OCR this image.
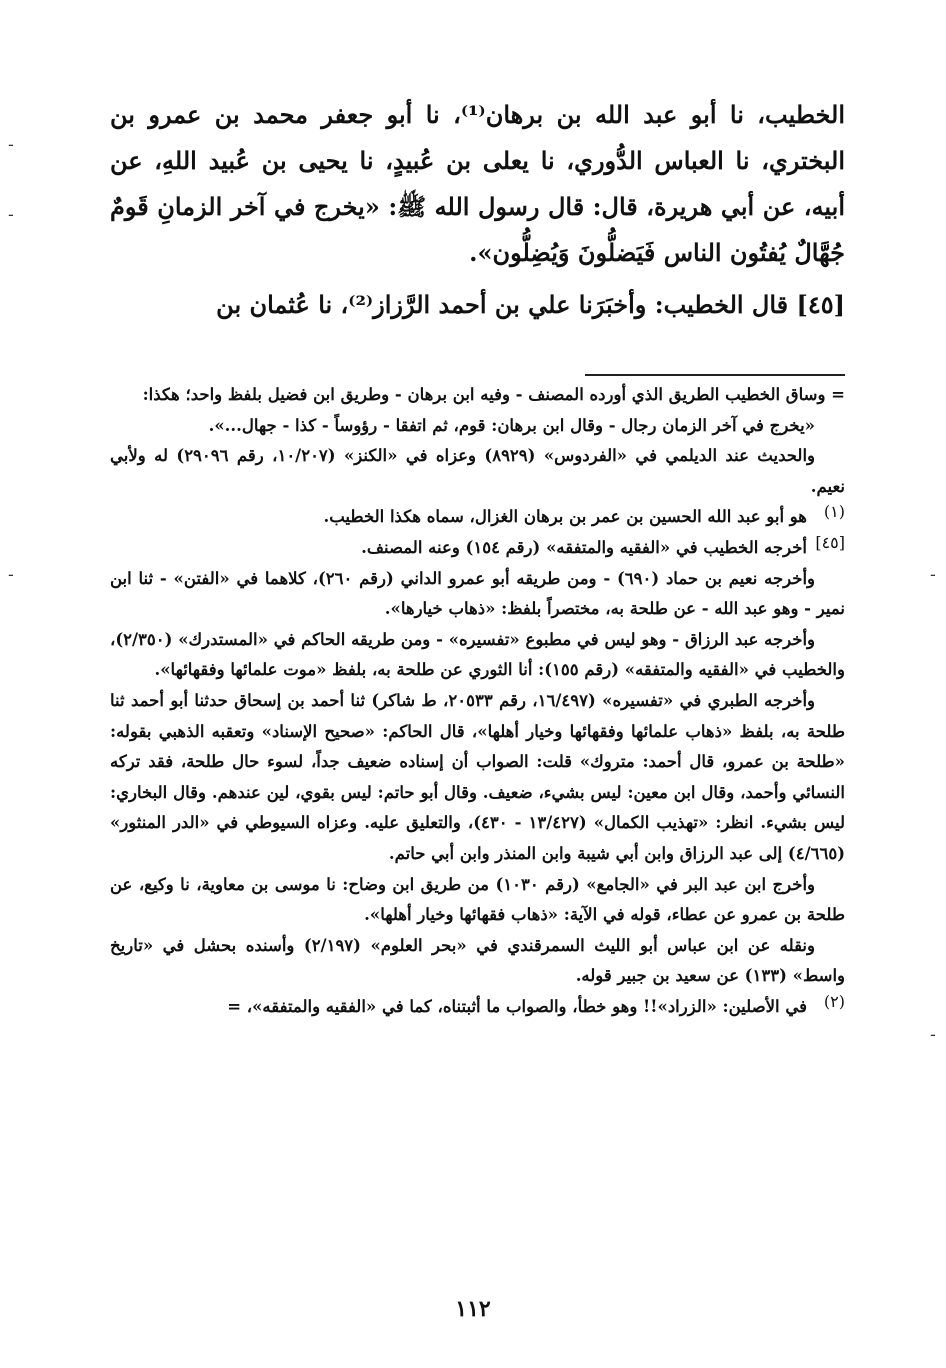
-
-
-	-
-

الخطيب، نا أبو عبد الله بن برهان⁽¹⁾، نا أبو جعفر محمد بن عمرو بن البختري، نا العباس الدُّوري، نا يعلى بن عُبيدٍ، نا يحيى بن عُبيد اللهِ، عن أبيه، عن أبي هريرة، قال: قال رسول الله ﷺ: «يخرج في آخر الزمانِ قَومٌ جُهَّالٌ يُفتُون الناس فَيَضلُّونَ وَيُضِلُّون».

[٤٥] قال الخطيب: وأخبَرَنا علي بن أحمد الرَّزاز⁽²⁾، نا عُثمان بن

= وساق الخطيب الطريق الذي أورده المصنف - وفيه ابن برهان - وطريق ابن فضيل بلفظ واحد؛ هكذا:

«يخرج في آخر الزمان رجال - وقال ابن برهان: قوم، ثم اتفقا - رؤوساً - كذا - جهال...».

والحديث عند الديلمي في «الفردوس» (٨٩٢٩) وعزاه في «الكنز» (١٠/٢٠٧، رقم ٢٩٠٩٦) له ولأبي نعيم.

(١)

هو أبو عبد الله الحسين بن عمر بن برهان الغزال، سماه هكذا الخطيب.

[٤٥]

أخرجه الخطيب في «الفقيه والمتفقه» (رقم ١٥٤) وعنه المصنف.

وأخرجه نعيم بن حماد (٦٩٠) - ومن طريقه أبو عمرو الداني (رقم ٢٦٠)، كلاهما في «الفتن» - ثنا ابن نمير - وهو عبد الله - عن طلحة به، مختصراً بلفظ: «ذهاب خيارها».

وأخرجه عبد الرزاق - وهو ليس في مطبوع «تفسيره» - ومن طريقه الحاكم في «المستدرك» (٢/٣٥٠)، والخطيب في «الفقيه والمتفقه» (رقم ١٥٥): أنا الثوري عن طلحة به، بلفظ «موت علمائها وفقهائها».

وأخرجه الطبري في «تفسيره» (١٦/٤٩٧، رقم ٢٠٥٣٣، ط شاكر) ثنا أحمد بن إسحاق حدثنا أبو أحمد ثنا طلحة به، بلفظ «ذهاب علمائها وفقهائها وخيار أهلها»، قال الحاكم: «صحيح الإسناد» وتعقبه الذهبي بقوله: «طلحة بن عمرو، قال أحمد: متروك» قلت: الصواب أن إسناده ضعيف جداً، لسوء حال طلحة، فقد تركه النسائي وأحمد، وقال ابن معين: ليس بشيء، ضعيف. وقال أبو حاتم: ليس بقوي، لين عندهم. وقال البخاري: ليس بشيء. انظر: «تهذيب الكمال» (١٣/٤٢٧ - ٤٣٠)، والتعليق عليه. وعزاه السيوطي في «الدر المنثور» (٤/٦٦٥) إلى عبد الرزاق وابن أبي شيبة وابن المنذر وابن أبي حاتم.

وأخرج ابن عبد البر في «الجامع» (رقم ١٠٣٠) من طريق ابن وضاح: نا موسى بن معاوية، نا وكيع، عن طلحة بن عمرو عن عطاء، قوله في الآية: «ذهاب فقهائها وخيار أهلها».

ونقله عن ابن عباس أبو الليث السمرقندي في «بحر العلوم» (٢/١٩٧) وأسنده بحشل في «تاريخ واسط» (١٣٣) عن سعيد بن جبير قوله.

(٢)

في الأصلين: «الزراد»!! وهو خطأ، والصواب ما أثبتناه، كما في «الفقيه والمتفقه»، =

١١٢
